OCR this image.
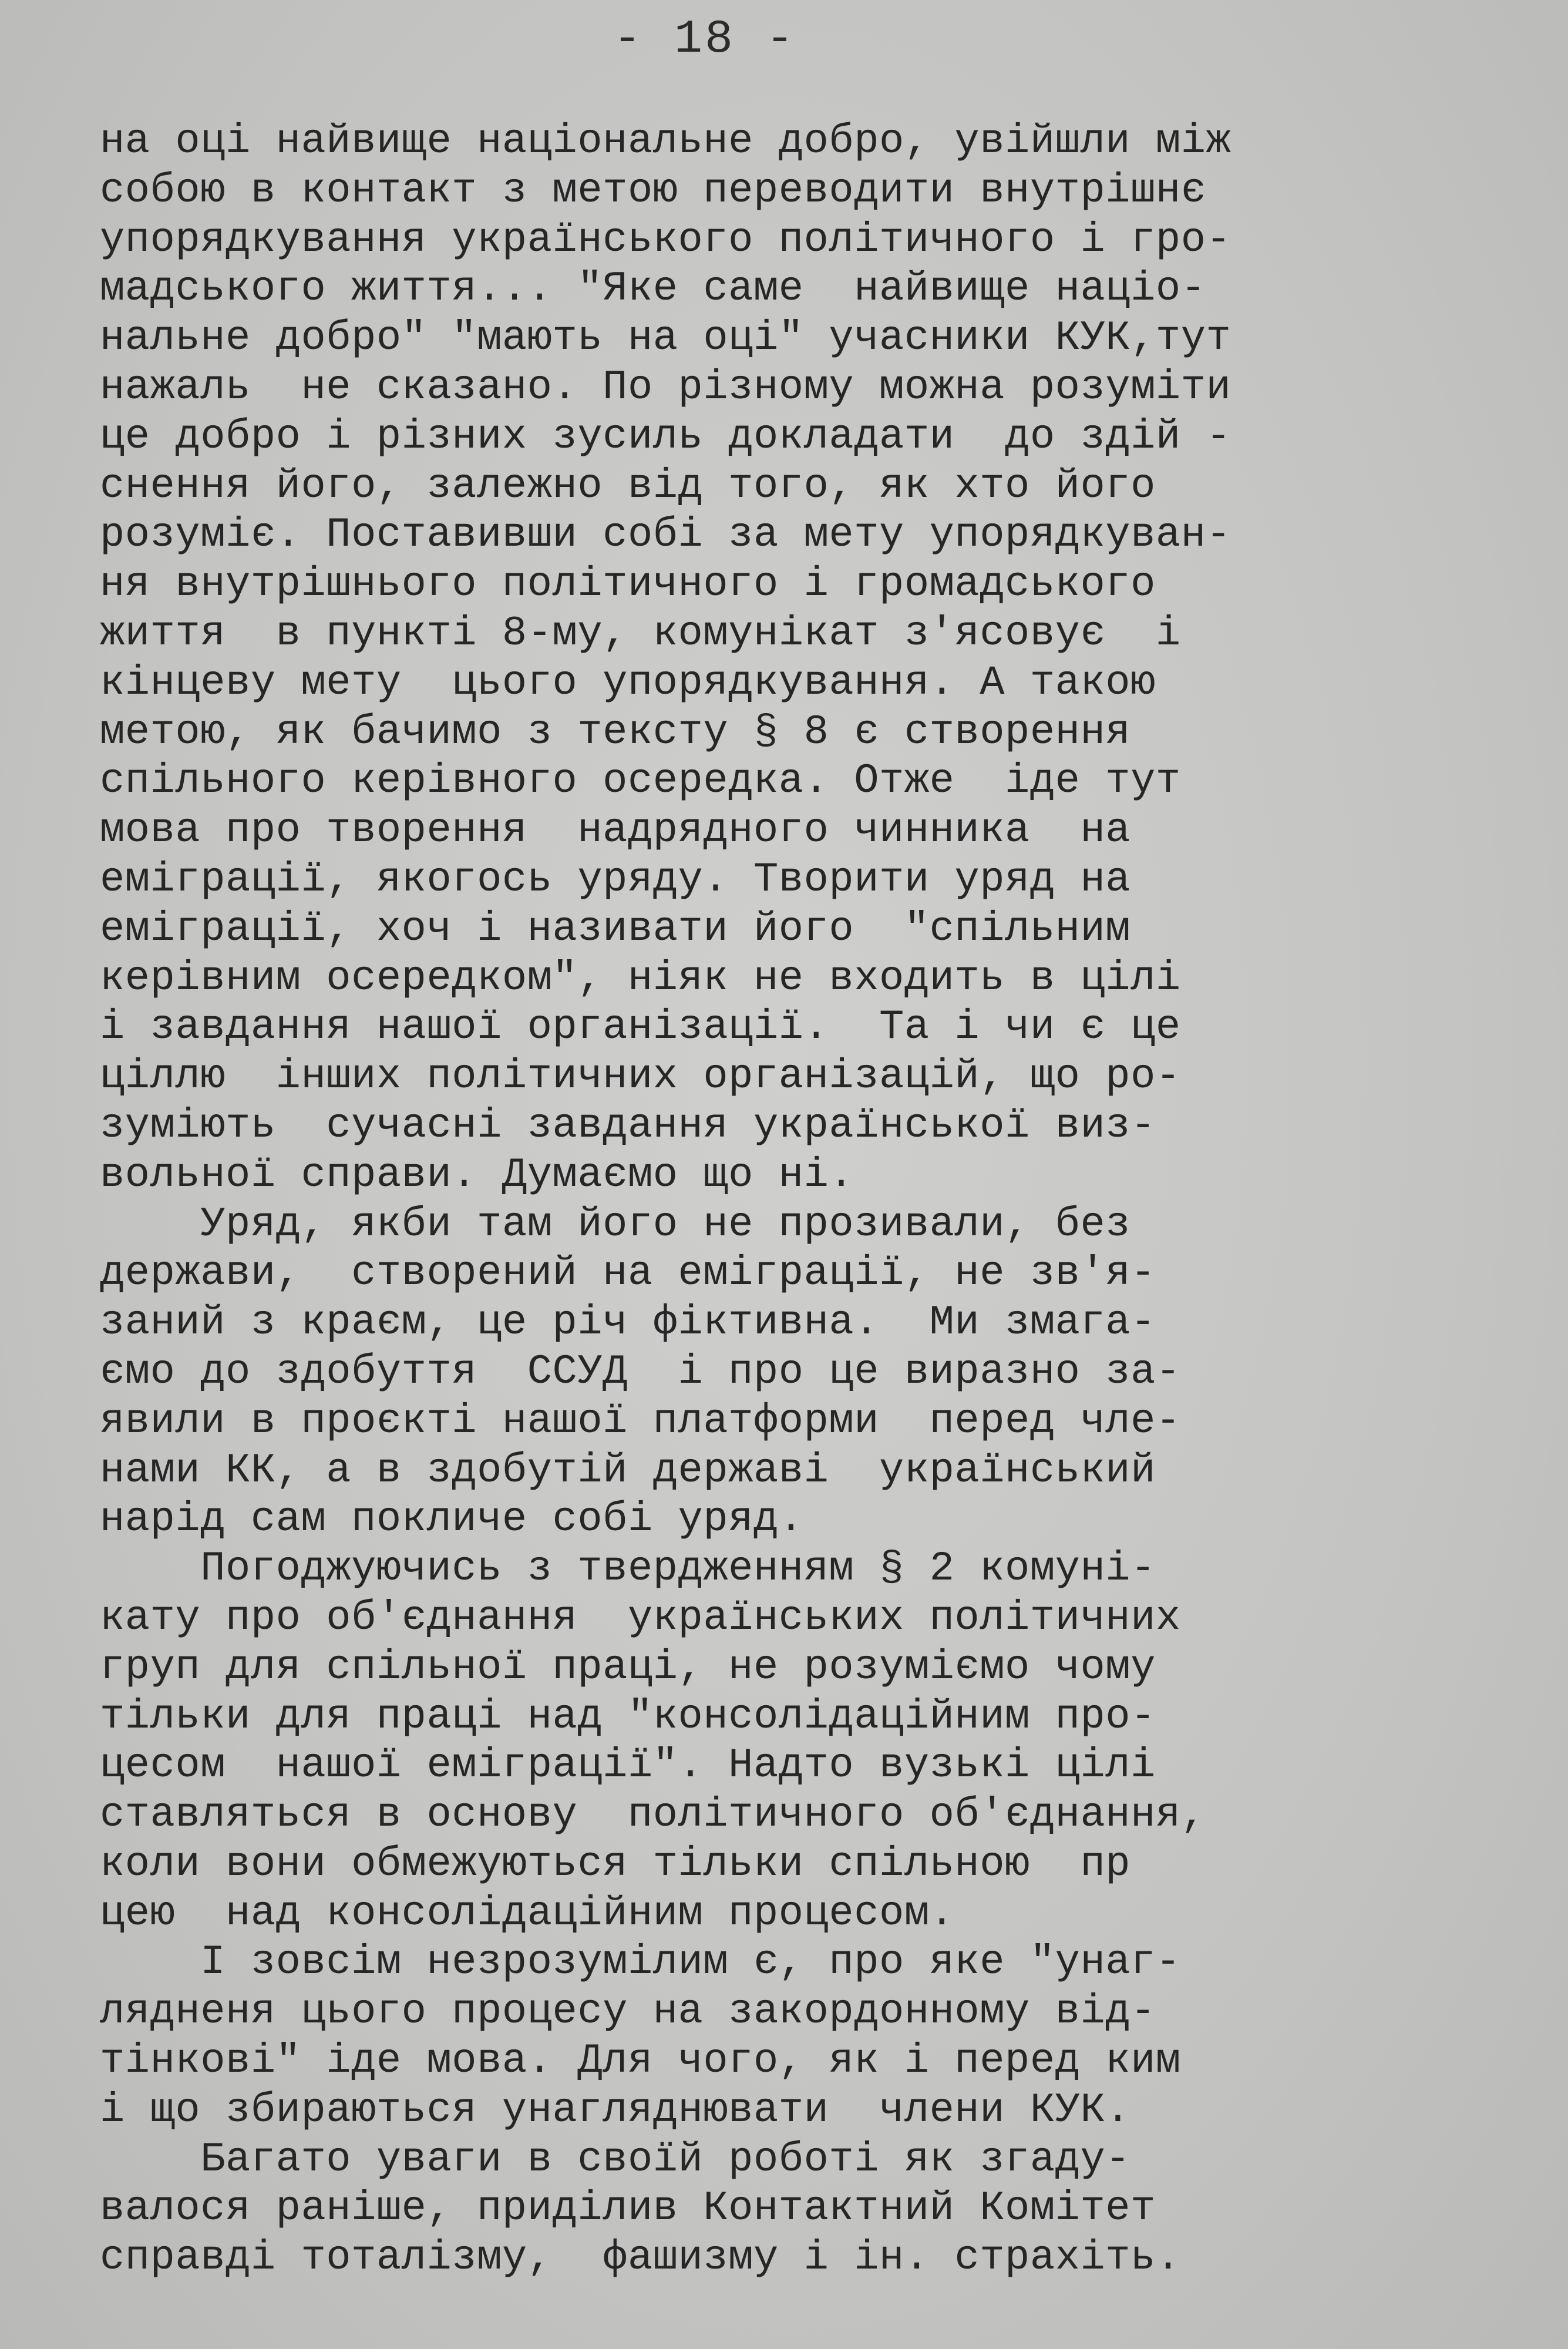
- 18 -
на оці найвище національне добро, увійшли між
собою в контакт з метою переводити внутрішнє
упорядкування українського політичного і гро-
мадського життя... "Яке саме  найвище націо-
нальне добро" "мають на оці" учасники КУК,тут
нажаль  не сказано. По різному можна розуміти
це добро і різних зусиль докладати  до здій -
снення його, залежно від того, як хто його
розуміє. Поставивши собі за мету упорядкуван-
ня внутрішнього політичного і громадського
життя  в пункті 8-му, комунікат з'ясовує  і
кінцеву мету  цього упорядкування. А такою
метою, як бачимо з тексту § 8 є створення
спільного керівного осередка. Отже  іде тут
мова про творення  надрядного чинника  на
еміграції, якогось уряду. Творити уряд на
еміграції, хоч і називати його  "спільним
керівним осередком", ніяк не входить в цілі
і завдання нашої організації.  Та і чи є це
ціллю  інших політичних організацій, що ро-
зуміють  сучасні завдання української виз-
вольної справи. Думаємо що ні.
Уряд, якби там його не прозивали, без
держави,  створений на еміграції, не зв'я-
заний з краєм, це річ фіктивна.  Ми змага-
ємо до здобуття  ССУД  і про це виразно за-
явили в проєкті нашої платформи  перед чле-
нами КК, а в здобутій державі  український
нарід сам покличе собі уряд.
Погоджуючись з твердженням § 2 комуні-
кату про об'єднання  українських політичних
груп для спільної праці, не розуміємо чому
тільки для праці над "консолідаційним про-
цесом  нашої еміграції". Надто вузькі цілі
ставляться в основу  політичного об'єднання,
коли вони обмежуються тільки спільною  пр
цею  над консолідаційним процесом.
І зовсім незрозумілим є, про яке "унаг-
лядненя цього процесу на закордонному від-
тінкові" іде мова. Для чого, як і перед ким
і що збираються унагляднювати  члени КУК.
Багато уваги в своїй роботі як згаду-
валося раніше, приділив Контактний Комітет
справді тоталізму,  фашизму і ін. страхіть.
